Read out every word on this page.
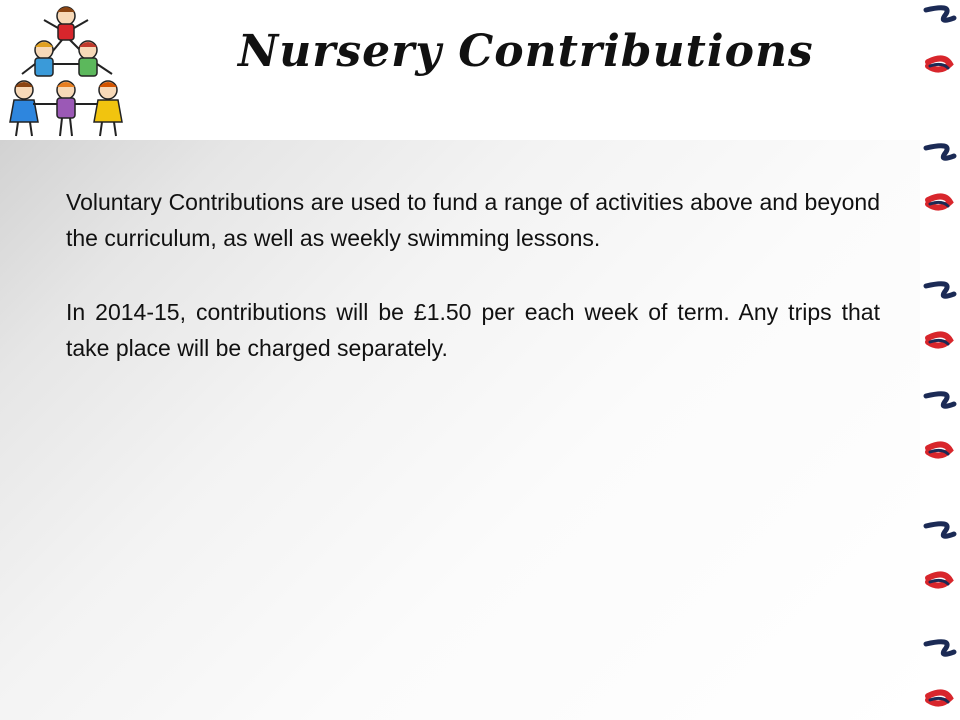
Nursery Contributions

Voluntary Contributions are used to fund a range of activities above and beyond the curriculum, as well as weekly swimming lessons.

In 2014-15, contributions will be £1.50 per each week of term. Any trips that take place will be charged separately.
